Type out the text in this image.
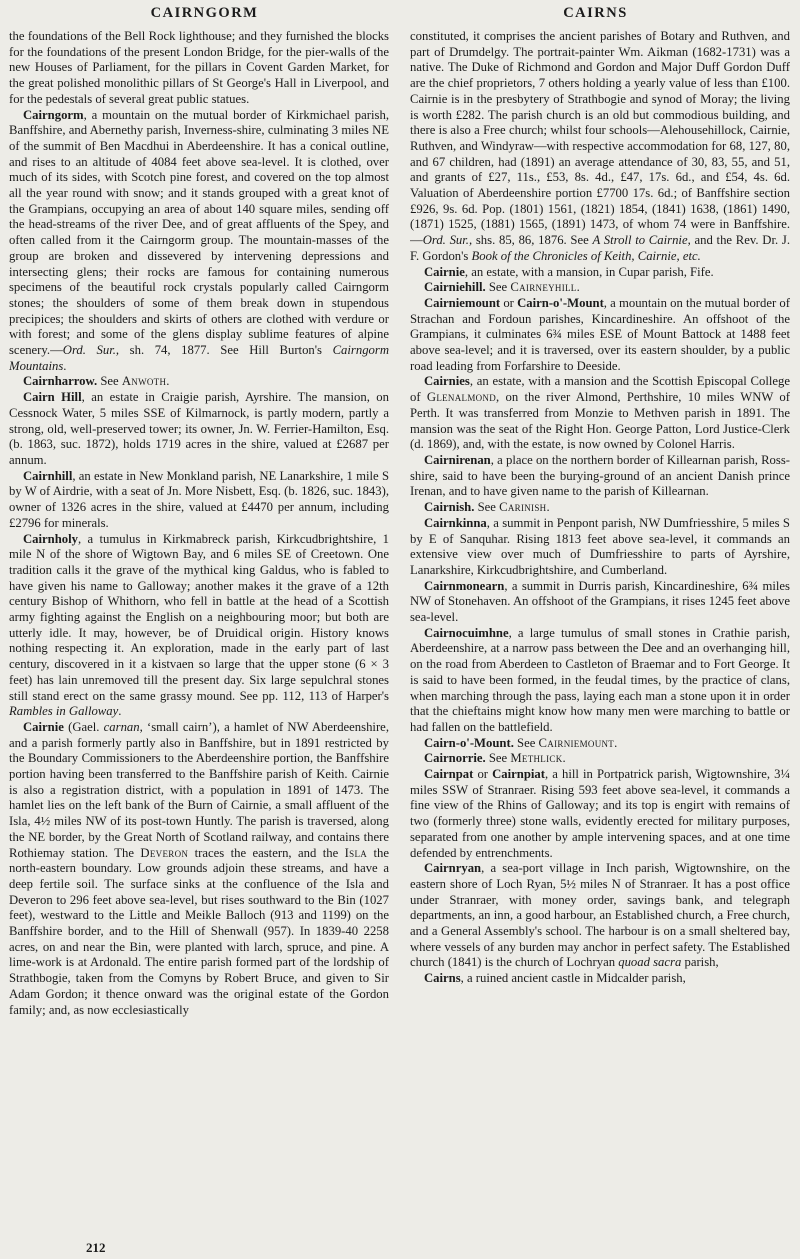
CAIRNGORM	CAIRNS

the foundations of the Bell Rock lighthouse; and they furnished the blocks for the foundations of the present London Bridge, for the pier-walls of the new Houses of Parliament, for the pillars in Covent Garden Market, for the great polished monolithic pillars of St George's Hall in Liverpool, and for the pedestals of several great public statues.

Cairngorm, a mountain on the mutual border of Kirkmichael parish, Banffshire, and Abernethy parish, Inverness-shire, culminating 3 miles NE of the summit of Ben Macdhui in Aberdeenshire. It has a conical outline, and rises to an altitude of 4084 feet above sea-level. It is clothed, over much of its sides, with Scotch pine forest, and covered on the top almost all the year round with snow; and it stands grouped with a great knot of the Grampians, occupying an area of about 140 square miles, sending off the head-streams of the river Dee, and of great affluents of the Spey, and often called from it the Cairngorm group. The mountain-masses of the group are broken and dissevered by intervening depressions and intersecting glens; their rocks are famous for containing numerous specimens of the beautiful rock crystals popularly called Cairngorm stones; the shoulders of some of them break down in stupendous precipices; the shoulders and skirts of others are clothed with verdure or with forest; and some of the glens display sublime features of alpine scenery.—Ord. Sur., sh. 74, 1877. See Hill Burton's Cairngorm Mountains.

Cairnharrow. See Anwoth.

Cairn Hill, an estate in Craigie parish, Ayrshire. The mansion, on Cessnock Water, 5 miles SSE of Kilmarnock, is partly modern, partly a strong, old, well-preserved tower; its owner, Jn. W. Ferrier-Hamilton, Esq. (b. 1863, suc. 1872), holds 1719 acres in the shire, valued at £2687 per annum.

Cairnhill, an estate in New Monkland parish, NE Lanarkshire, 1 mile S by W of Airdrie, with a seat of Jn. More Nisbett, Esq. (b. 1826, suc. 1843), owner of 1326 acres in the shire, valued at £4470 per annum, including £2796 for minerals.

Cairnholy, a tumulus in Kirkmabreck parish, Kirkcudbrightshire, 1 mile N of the shore of Wigtown Bay, and 6 miles SE of Creetown. One tradition calls it the grave of the mythical king Galdus, who is fabled to have given his name to Galloway; another makes it the grave of a 12th century Bishop of Whithorn, who fell in battle at the head of a Scottish army fighting against the English on a neighbouring moor; but both are utterly idle. It may, however, be of Druidical origin. History knows nothing respecting it. An exploration, made in the early part of last century, discovered in it a kistvaen so large that the upper stone (6 × 3 feet) has lain unremoved till the present day. Six large sepulchral stones still stand erect on the same grassy mound. See pp. 112, 113 of Harper's Rambles in Galloway.

Cairnie (Gael. carnan, ‘small cairn’), a hamlet of NW Aberdeenshire, and a parish formerly partly also in Banffshire, but in 1891 restricted by the Boundary Commissioners to the Aberdeenshire portion, the Banffshire portion having been transferred to the Banffshire parish of Keith. Cairnie is also a registration district, with a population in 1891 of 1473. The hamlet lies on the left bank of the Burn of Cairnie, a small affluent of the Isla, 4½ miles NW of its post-town Huntly. The parish is traversed, along the NE border, by the Great North of Scotland railway, and contains there Rothiemay station. The Deveron traces the eastern, and the Isla the north-eastern boundary. Low grounds adjoin these streams, and have a deep fertile soil. The surface sinks at the confluence of the Isla and Deveron to 296 feet above sea-level, but rises southward to the Bin (1027 feet), westward to the Little and Meikle Balloch (913 and 1199) on the Banffshire border, and to the Hill of Shenwall (957). In 1839-40 2258 acres, on and near the Bin, were planted with larch, spruce, and pine. A lime-work is at Ardonald. The entire parish formed part of the lordship of Strathbogie, taken from the Comyns by Robert Bruce, and given to Sir Adam Gordon; it thence onward was the original estate of the Gordon family; and, as now ecclesiastically

constituted, it comprises the ancient parishes of Botary and Ruthven, and part of Drumdelgy. The portrait-painter Wm. Aikman (1682-1731) was a native. The Duke of Richmond and Gordon and Major Duff Gordon Duff are the chief proprietors, 7 others holding a yearly value of less than £100. Cairnie is in the presbytery of Strathbogie and synod of Moray; the living is worth £282. The parish church is an old but commodious building, and there is also a Free church; whilst four schools—Alehousehillock, Cairnie, Ruthven, and Windyraw—with respective accommodation for 68, 127, 80, and 67 children, had (1891) an average attendance of 30, 83, 55, and 51, and grants of £27, 11s., £53, 8s. 4d., £47, 17s. 6d., and £54, 4s. 6d. Valuation of Aberdeenshire portion £7700 17s. 6d.; of Banffshire section £926, 9s. 6d. Pop. (1801) 1561, (1821) 1854, (1841) 1638, (1861) 1490, (1871) 1525, (1881) 1565, (1891) 1473, of whom 74 were in Banffshire.—Ord. Sur., shs. 85, 86, 1876. See A Stroll to Cairnie, and the Rev. Dr. J. F. Gordon's Book of the Chronicles of Keith, Cairnie, etc.

Cairnie, an estate, with a mansion, in Cupar parish, Fife.

Cairniehill. See Cairneyhill.

Cairniemount or Cairn-o'-Mount, a mountain on the mutual border of Strachan and Fordoun parishes, Kincardineshire. An offshoot of the Grampians, it culminates 6¾ miles ESE of Mount Battock at 1488 feet above sea-level; and it is traversed, over its eastern shoulder, by a public road leading from Forfarshire to Deeside.

Cairnies, an estate, with a mansion and the Scottish Episcopal College of Glenalmond, on the river Almond, Perthshire, 10 miles WNW of Perth. It was transferred from Monzie to Methven parish in 1891. The mansion was the seat of the Right Hon. George Patton, Lord Justice-Clerk (d. 1869), and, with the estate, is now owned by Colonel Harris.

Cairnirenan, a place on the northern border of Killearnan parish, Ross-shire, said to have been the burying-ground of an ancient Danish prince Irenan, and to have given name to the parish of Killearnan.

Cairnish. See Carinish.

Cairnkinna, a summit in Penpont parish, NW Dumfriesshire, 5 miles S by E of Sanquhar. Rising 1813 feet above sea-level, it commands an extensive view over much of Dumfriesshire to parts of Ayrshire, Lanarkshire, Kirkcudbrightshire, and Cumberland.

Cairnmonearn, a summit in Durris parish, Kincardineshire, 6¾ miles NW of Stonehaven. An offshoot of the Grampians, it rises 1245 feet above sea-level.

Cairnocuimhne, a large tumulus of small stones in Crathie parish, Aberdeenshire, at a narrow pass between the Dee and an overhanging hill, on the road from Aberdeen to Castleton of Braemar and to Fort George. It is said to have been formed, in the feudal times, by the practice of clans, when marching through the pass, laying each man a stone upon it in order that the chieftains might know how many men were marching to battle or had fallen on the battlefield.

Cairn-o'-Mount. See Cairniemount.

Cairnorrie. See Methlick.

Cairnpat or Cairnpiat, a hill in Portpatrick parish, Wigtownshire, 3¼ miles SSW of Stranraer. Rising 593 feet above sea-level, it commands a fine view of the Rhins of Galloway; and its top is engirt with remains of two (formerly three) stone walls, evidently erected for military purposes, separated from one another by ample intervening spaces, and at one time defended by entrenchments.

Cairnryan, a sea-port village in Inch parish, Wigtownshire, on the eastern shore of Loch Ryan, 5½ miles N of Stranraer. It has a post office under Stranraer, with money order, savings bank, and telegraph departments, an inn, a good harbour, an Established church, a Free church, and a General Assembly's school. The harbour is on a small sheltered bay, where vessels of any burden may anchor in perfect safety. The Established church (1841) is the church of Lochryan quoad sacra parish,

Cairns, a ruined ancient castle in Midcalder parish,

212
